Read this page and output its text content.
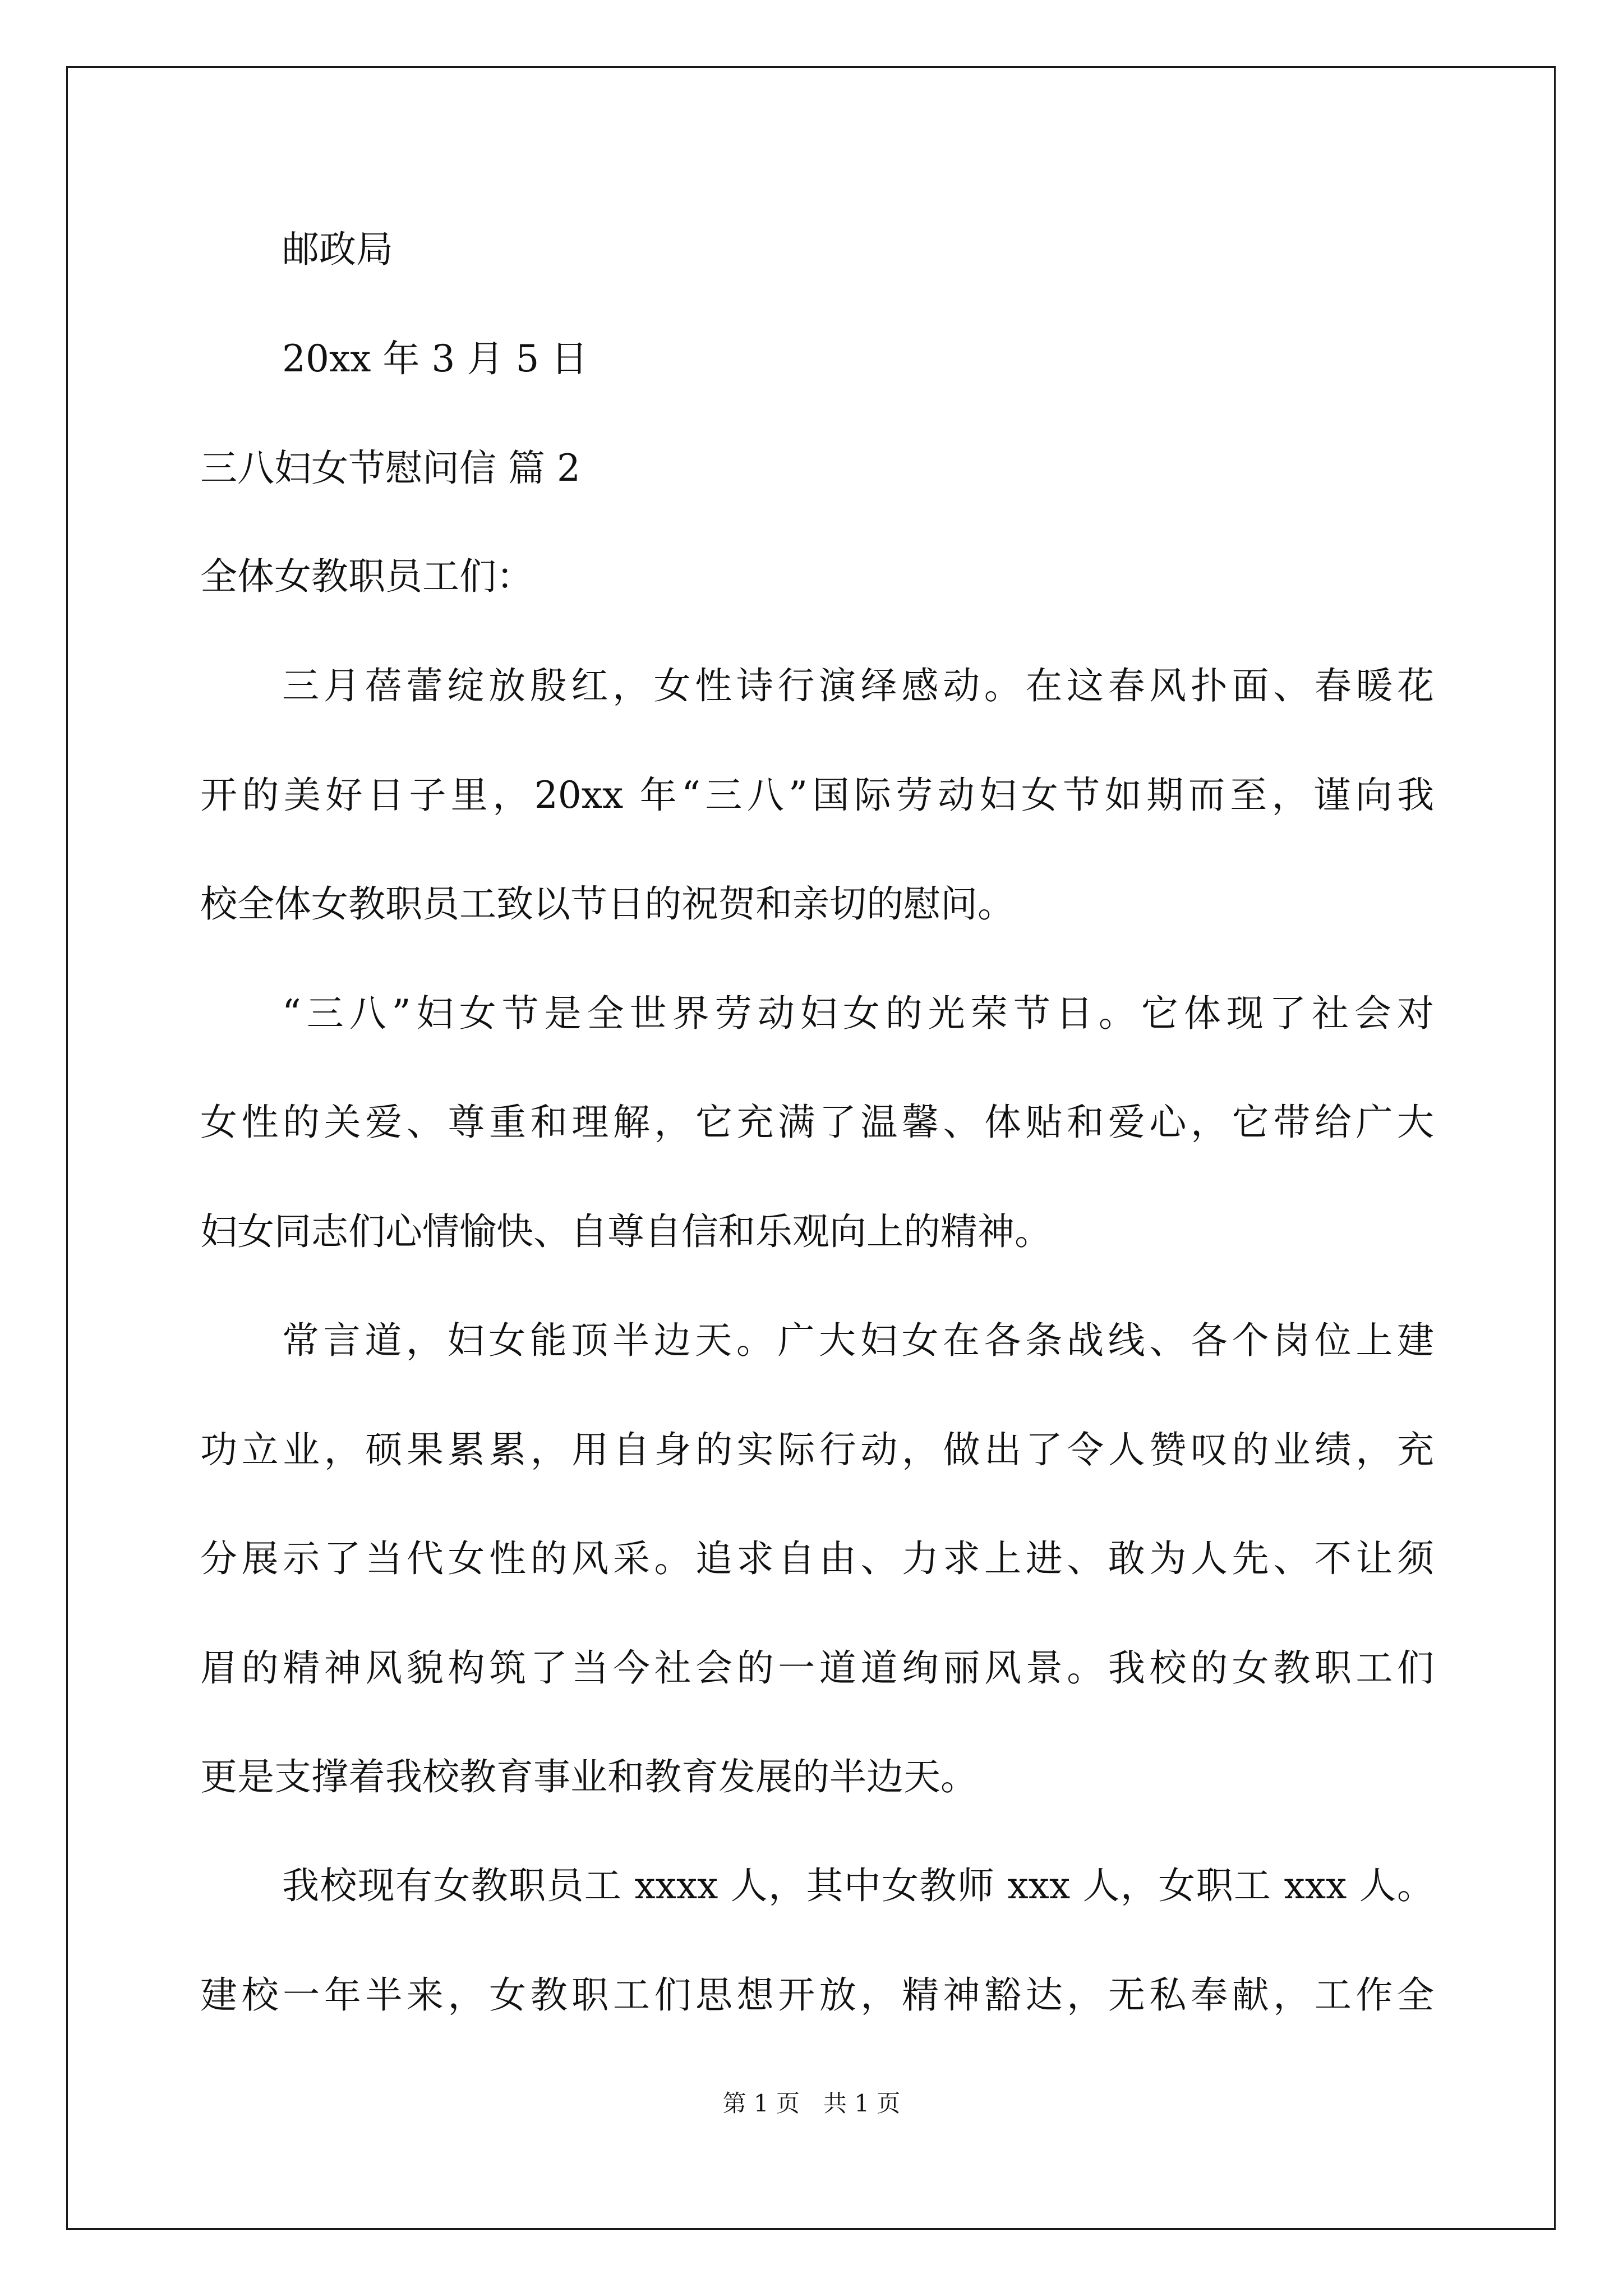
邮政局
20xx 年 3 月 5 日
三八妇女节慰问信 篇 2
全体女教职员工们：
三月蓓蕾绽放殷红，女性诗行演绎感动。在这春风扑面、春暖花
开的美好日子里，20xx 年“三八”国际劳动妇女节如期而至，谨向我
校全体女教职员工致以节日的祝贺和亲切的慰问。
“三八”妇女节是全世界劳动妇女的光荣节日。它体现了社会对
女性的关爱、尊重和理解，它充满了温馨、体贴和爱心，它带给广大
妇女同志们心情愉快、自尊自信和乐观向上的精神。
常言道，妇女能顶半边天。广大妇女在各条战线、各个岗位上建
功立业，硕果累累，用自身的实际行动，做出了令人赞叹的业绩，充
分展示了当代女性的风采。追求自由、力求上进、敢为人先、不让须
眉的精神风貌构筑了当今社会的一道道绚丽风景。我校的女教职工们
更是支撑着我校教育事业和教育发展的半边天。
我校现有女教职员工 xxxx 人，其中女教师 xxx 人，女职工 xxx 人。
建校一年半来，女教职工们思想开放，精神豁达，无私奉献，工作全
第 1 页　共 1 页
